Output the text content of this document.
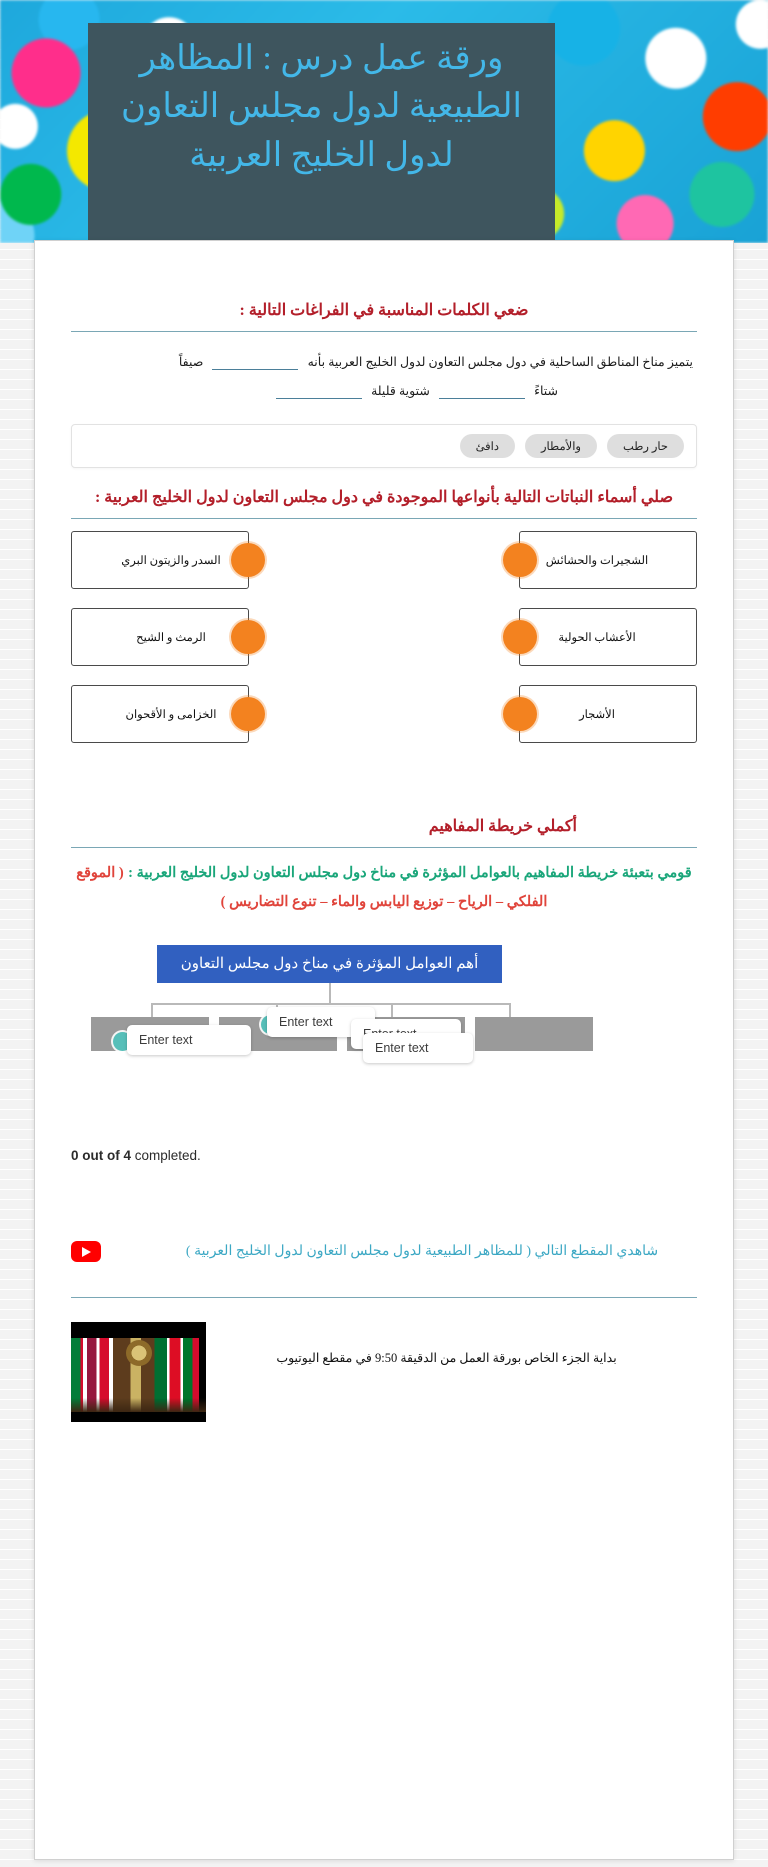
ورقة عمل درس : المظاهر الطبيعية لدول مجلس التعاون لدول الخليج العربية
ضعي الكلمات المناسبة في الفراغات التالية :
يتميز مناخ المناطق الساحلية في دول مجلس التعاون لدول الخليج العربية بأنه  صيفاً
شتاءً  شتوية قليلة
حار رطب
والأمطار
دافئ
صلي أسماء النباتات التالية بأنواعها الموجودة في دول مجلس التعاون لدول الخليج العربية :
الشجيرات والحشائش
السدر والزيتون البري
الأعشاب الحولية
الرمث و الشيح
الأشجار
الخزامى و الأقحوان
أكملي خريطة المفاهيم
قومي بتعبئة خريطة المفاهيم بالعوامل المؤثرة في مناخ دول مجلس التعاون لدول الخليج العربية : ( الموقع الفلكي – الرياح – توزيع اليابس والماء – تنوع التضاريس )
أهم العوامل المؤثرة في مناخ دول مجلس التعاون
Enter text
Enter text
Enter text
0 out of 4 completed.
شاهدي المقطع التالي ( للمظاهر الطبيعية لدول مجلس التعاون لدول الخليج العربية )
بداية الجزء الخاص بورقة العمل من الدقيقة 9:50 في مقطع اليوتيوب
